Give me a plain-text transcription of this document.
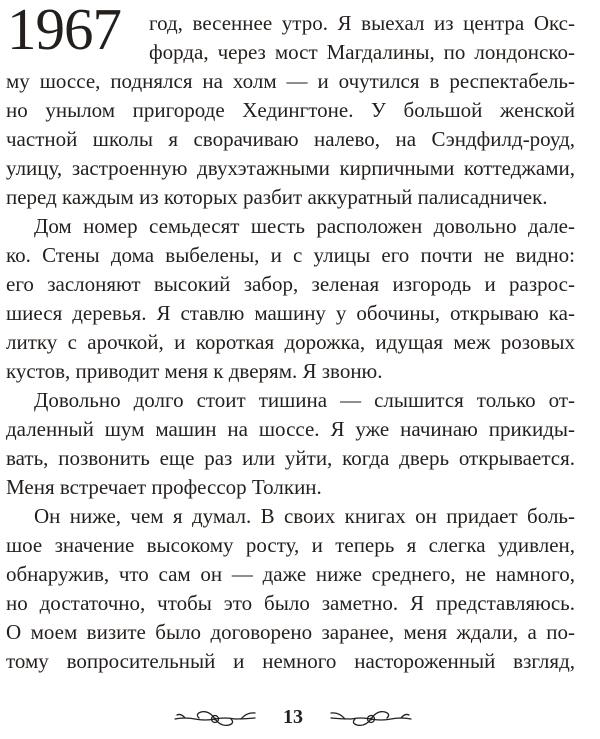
1967 год, весеннее утро. Я выехал из центра Окс-
форда, через мост Магдалины, по лондонско-
му шоссе, поднялся на холм — и очутился в респектабель-
но унылом пригороде Хедингтоне. У большой женской
частной школы я сворачиваю налево, на Сэндфилд-роуд,
улицу, застроенную двухэтажными кирпичными коттеджами,
перед каждым из которых разбит аккуратный палисадничек.
Дом номер семьдесят шесть расположен довольно дале-
ко. Стены дома выбелены, и с улицы его почти не видно:
его заслоняют высокий забор, зеленая изгородь и разрос-
шиеся деревья. Я ставлю машину у обочины, открываю ка-
литку с арочкой, и короткая дорожка, идущая меж розовых
кустов, приводит меня к дверям. Я звоню.
Довольно долго стоит тишина — слышится только от-
даленный шум машин на шоссе. Я уже начинаю прикиды-
вать, позвонить еще раз или уйти, когда дверь открывается.
Меня встречает профессор Толкин.
Он ниже, чем я думал. В своих книгах он придает боль-
шое значение высокому росту, и теперь я слегка удивлен,
обнаружив, что сам он — даже ниже среднего, не намного,
но достаточно, чтобы это было заметно. Я представляюсь.
О моем визите было договорено заранее, меня ждали, а по-
тому вопросительный и немного настороженный взгляд,
13
